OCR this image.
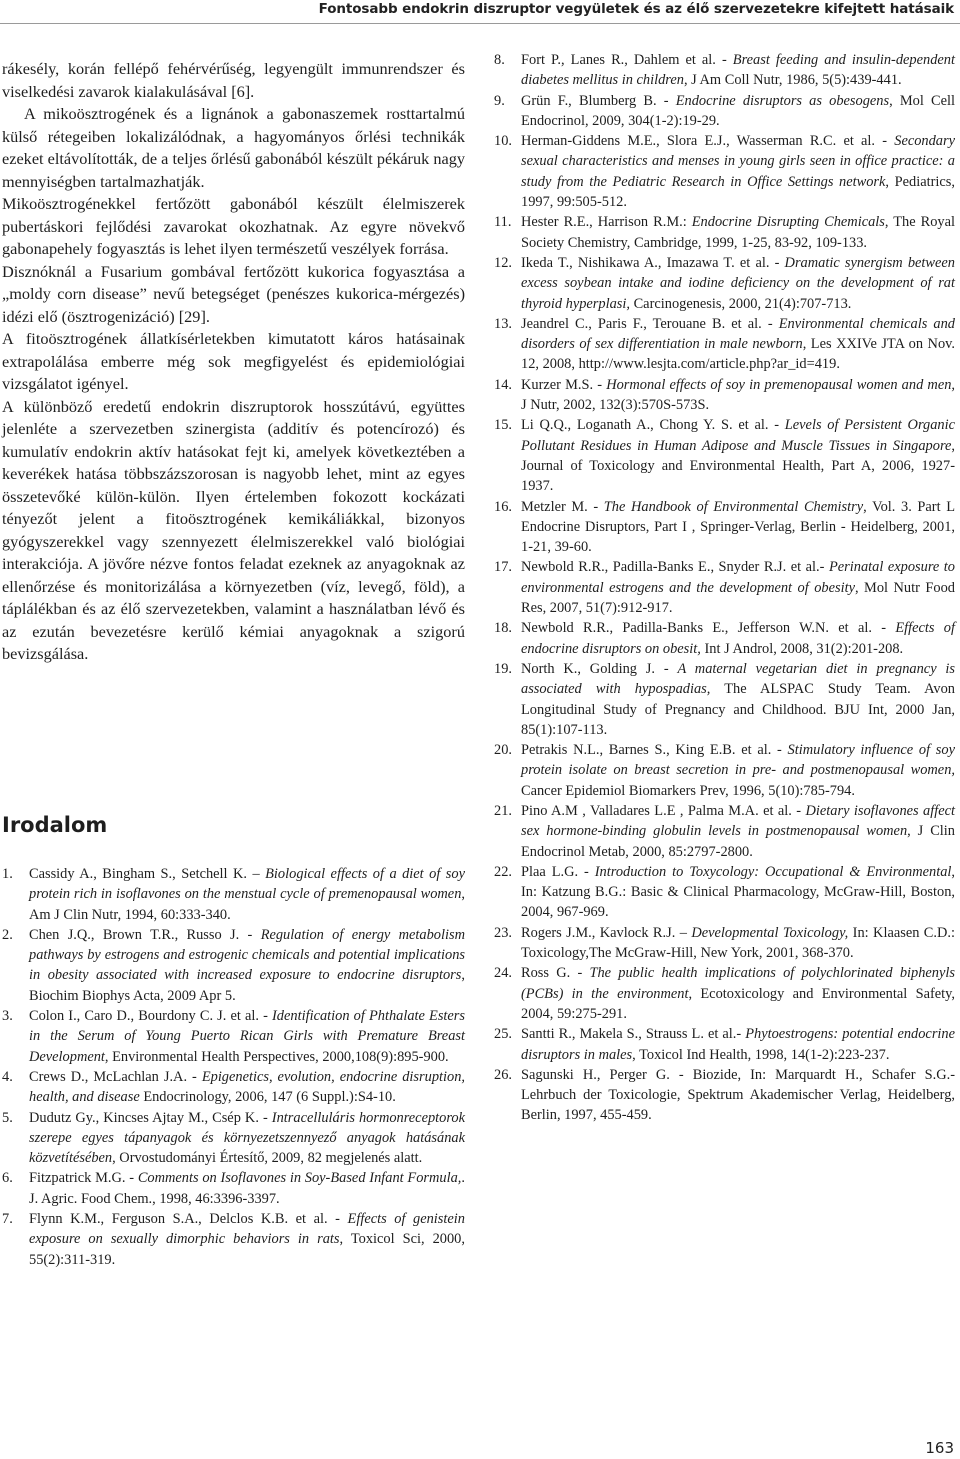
Fontosabb endokrin diszruptor vegyületek és az élő szervezetekre kifejtett hatásaik

rákesély, korán fellépő fehérvérűség, legyengült immunrendszer és viselkedési zavarok kialakulásával [6].

A mikoösztrogének és a lignánok a gabonaszemek rosttartalmú külső rétegeiben lokalizálódnak, a hagyományos őrlési technikák ezeket eltávolították, de a teljes őrlésű gabonából készült pékáruk nagy mennyiségben tartalmazhatják.

Mikoösztrogénekkel fertőzött gabonából készült élelmiszerek pubertáskori fejlődési zavarokat okozhatnak. Az egyre növekvő gabonapehely fogyasztás is lehet ilyen természetű veszélyek forrása.

Disznóknál a Fusarium gombával fertőzött kukorica fogyasztása a „moldy corn disease” nevű betegséget (penészes kukorica-mérgezés) idézi elő (ösztrogenizáció) [29].

A fitoösztrogének állatkísérletekben kimutatott káros hatásainak extrapolálása emberre még sok megfigyelést és epidemiológiai vizsgálatot igényel.

A különböző eredetű endokrin diszruptorok hosszútávú, együttes jelenléte a szervezetben szinergista (additív és potencírozó) és kumulatív endokrin aktív hatásokat fejt ki, amelyek következtében a keverékek hatása többszázszorosan is nagyobb lehet, mint az egyes összetevőké külön-külön. Ilyen értelemben fokozott kockázati tényezőt jelent a fitoösztrogének kemikáliákkal, bizonyos gyógyszerekkel vagy szennyezett élelmiszerekkel való biológiai interakciója. A jövőre nézve fontos feladat ezeknek az anyagoknak az ellenőrzése és monitorizálása a környezetben (víz, levegő, föld), a táplálékban és az élő szervezetekben, valamint a használatban lévő és az ezután bevezetésre kerülő kémiai anyagoknak a szigorú bevizsgálása.

Irodalom
1. Cassidy A., Bingham S., Setchell K. – Biological effects of a diet of soy protein rich in isoflavones on the menstual cycle of premenopausal women, Am J Clin Nutr, 1994, 60:333-340.
2. Chen J.Q., Brown T.R., Russo J. - Regulation of energy metabolism pathways by estrogens and estrogenic chemicals and potential implications in obesity associated with increased exposure to endocrine disruptors, Biochim Biophys Acta, 2009 Apr 5.
3. Colon I., Caro D., Bourdony C. J. et al. - Identification of Phthalate Esters in the Serum of Young Puerto Rican Girls with Premature Breast Development, Environmental Health Perspectives, 2000,108(9):895-900.
4. Crews D., McLachlan J.A. - Epigenetics, evolution, endocrine disruption, health, and disease Endocrinology, 2006, 147 (6 Suppl.):S4-10.
5. Dudutz Gy., Kincses Ajtay M., Csép K. - Intracelluláris hormonreceptorok szerepe egyes tápanyagok és környezetszennyező anyagok hatásának közvetítésében, Orvostudományi Értesítő, 2009, 82 megjelenés alatt.
6. Fitzpatrick M.G. - Comments on Isoflavones in Soy-Based Infant Formula,. J. Agric. Food Chem., 1998, 46:3396-3397.
7. Flynn K.M., Ferguson S.A., Delclos K.B. et al. - Effects of genistein exposure on sexually dimorphic behaviors in rats, Toxicol Sci, 2000, 55(2):311-319.
8. Fort P., Lanes R., Dahlem et al. - Breast feeding and insulin-dependent diabetes mellitus in children, J Am Coll Nutr, 1986, 5(5):439-441.
9. Grün F., Blumberg B. - Endocrine disruptors as obesogens, Mol Cell Endocrinol, 2009, 304(1-2):19-29.
10. Herman-Giddens M.E., Slora E.J., Wasserman R.C. et al. - Secondary sexual characteristics and menses in young girls seen in office practice: a study from the Pediatric Research in Office Settings network, Pediatrics, 1997, 99:505-512.
11. Hester R.E., Harrison R.M.: Endocrine Disrupting Chemicals, The Royal Society Chemistry, Cambridge, 1999, 1-25, 83-92, 109-133.
12. Ikeda T., Nishikawa A., Imazawa T. et al. - Dramatic synergism between excess soybean intake and iodine deficiency on the development of rat thyroid hyperplasi, Carcinogenesis, 2000, 21(4):707-713.
13. Jeandrel C., Paris F., Terouane B. et al. - Environmental chemicals and disorders of sex differentiation in male newborn, Les XXIVe JTA on Nov. 12, 2008, http://www.lesjta.com/article.php?ar_id=419.
14. Kurzer M.S. - Hormonal effects of soy in premenopausal women and men, J Nutr, 2002, 132(3):570S-573S.
15. Li Q.Q., Loganath A., Chong Y. S. et al. - Levels of Persistent Organic Pollutant Residues in Human Adipose and Muscle Tissues in Singapore, Journal of Toxicology and Environmental Health, Part A, 2006, 1927-1937.
16. Metzler M. - The Handbook of Environmental Chemistry, Vol. 3. Part L Endocrine Disruptors, Part I , Springer-Verlag, Berlin - Heidelberg, 2001, 1-21, 39-60.
17. Newbold R.R., Padilla-Banks E., Snyder R.J. et al.- Perinatal exposure to environmental estrogens and the development of obesity, Mol Nutr Food Res, 2007, 51(7):912-917.
18. Newbold R.R., Padilla-Banks E., Jefferson W.N. et al. - Effects of endocrine disruptors on obesit, Int J Androl, 2008, 31(2):201-208.
19. North K., Golding J. - A maternal vegetarian diet in pregnancy is associated with hypospadias, The ALSPAC Study Team. Avon Longitudinal Study of Pregnancy and Childhood. BJU Int, 2000 Jan, 85(1):107-113.
20. Petrakis N.L., Barnes S., King E.B. et al. - Stimulatory influence of soy protein isolate on breast secretion in pre- and postmenopausal women, Cancer Epidemiol Biomarkers Prev, 1996, 5(10):785-794.
21. Pino A.M , Valladares L.E , Palma M.A. et al. - Dietary isoflavones affect sex hormone-binding globulin levels in postmenopausal women, J Clin Endocrinol Metab, 2000, 85:2797-2800.
22. Plaa L.G. - Introduction to Toxycology: Occupational & Environmental, In: Katzung B.G.: Basic & Clinical Pharmacology, McGraw-Hill, Boston, 2004, 967-969.
23. Rogers J.M., Kavlock R.J. – Developmental Toxicology, In: Klaasen C.D.: Toxicology,The McGraw-Hill, New York, 2001, 368-370.
24. Ross G. - The public health implications of polychlorinated biphenyls (PCBs) in the environment, Ecotoxicology and Environmental Safety, 2004, 59:275-291.
25. Santti R., Makela S., Strauss L. et al.- Phytoestrogens: potential endocrine disruptors in males, Toxicol Ind Health, 1998, 14(1-2):223-237.
26. Sagunski H., Perger G. - Biozide, In: Marquardt H., Schafer S.G.- Lehrbuch der Toxicologie, Spektrum Akademischer Verlag, Heidelberg, Berlin, 1997, 455-459.
163
